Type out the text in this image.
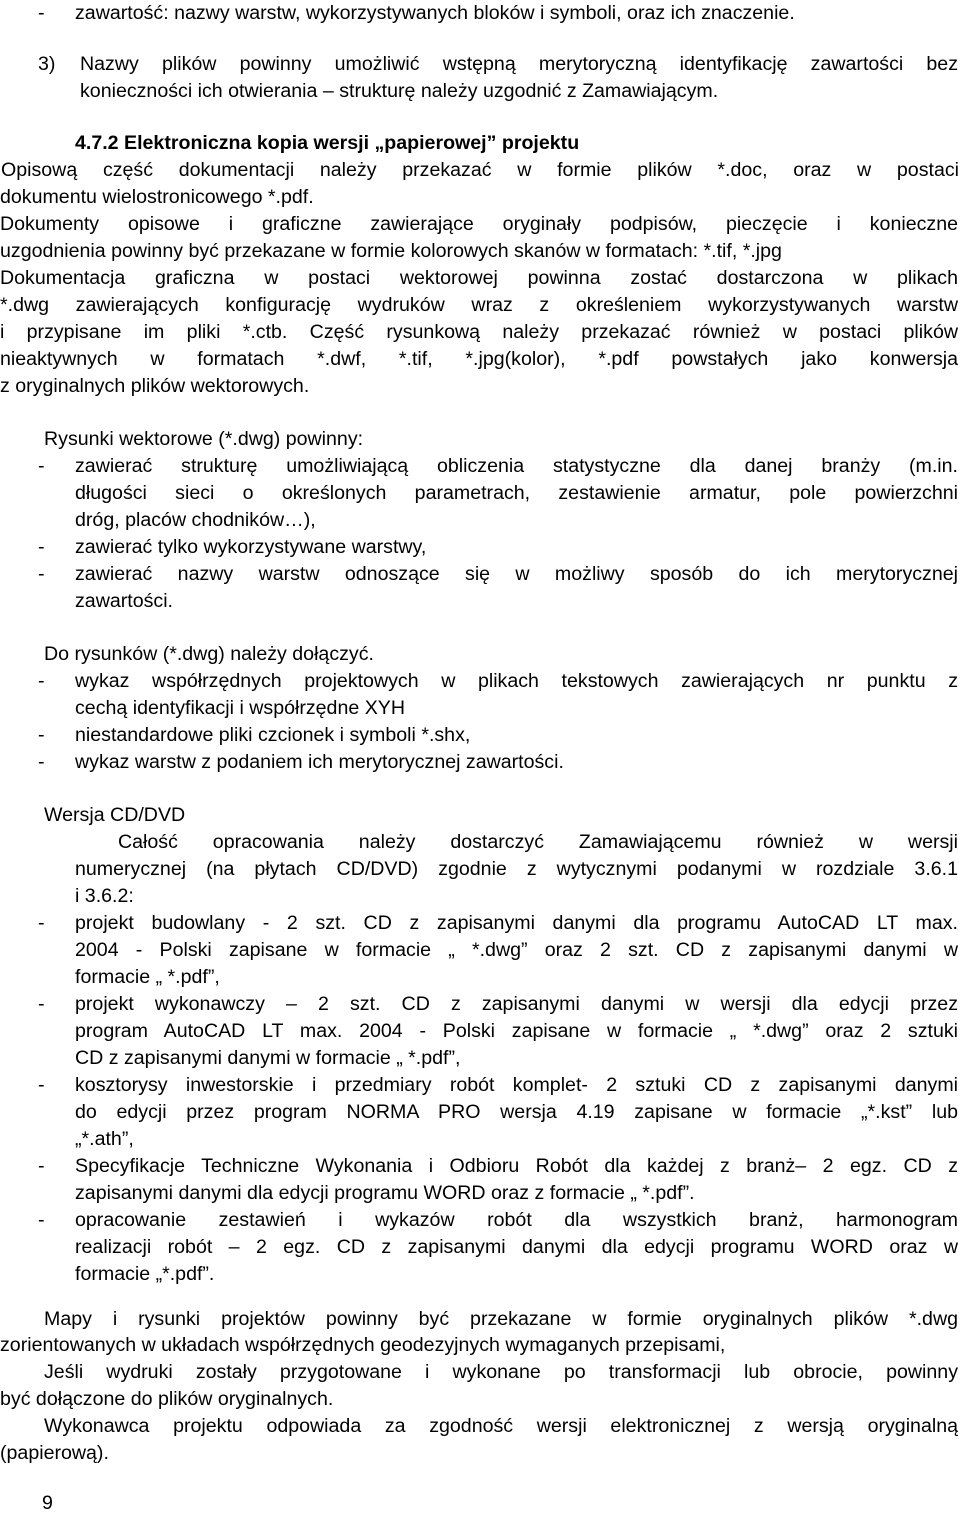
- zawartość: nazwy warstw, wykorzystywanych bloków i symboli, oraz ich znaczenie.
3) Nazwy plików powinny umożliwić wstępną merytoryczną identyfikację zawartości bez
konieczności ich otwierania – strukturę należy uzgodnić z Zamawiającym.
4.7.2 Elektroniczna kopia wersji „papierowej” projektu
Opisową część dokumentacji należy przekazać w formie plików *.doc, oraz w postaci
dokumentu wielostronicowego *.pdf.
Dokumenty opisowe i graficzne zawierające oryginały podpisów, pieczęcie i konieczne
uzgodnienia powinny być przekazane w formie kolorowych skanów w formatach: *.tif, *.jpg
Dokumentacja graficzna w postaci wektorowej powinna zostać dostarczona w plikach
*.dwg zawierających konfigurację wydruków wraz z określeniem wykorzystywanych warstw
i przypisane im pliki *.ctb. Część rysunkową należy przekazać również w postaci plików
nieaktywnych w formatach *.dwf, *.tif, *.jpg(kolor), *.pdf powstałych jako konwersja
z oryginalnych plików wektorowych.
Rysunki wektorowe (*.dwg) powinny:
- zawierać strukturę umożliwiającą obliczenia statystyczne dla danej branży (m.in.
długości sieci o określonych parametrach, zestawienie armatur, pole powierzchni
dróg, placów chodników…),
- zawierać tylko wykorzystywane warstwy,
- zawierać nazwy warstw odnoszące się w możliwy sposób do ich merytorycznej
zawartości.
Do rysunków (*.dwg) należy dołączyć.
- wykaz współrzędnych projektowych w plikach tekstowych zawierających nr punktu z
cechą identyfikacji i współrzędne XYH
- niestandardowe pliki czcionek i symboli *.shx,
- wykaz warstw z podaniem ich merytorycznej zawartości.
Wersja CD/DVD
Całość opracowania należy dostarczyć Zamawiającemu również w wersji
numerycznej (na płytach CD/DVD) zgodnie z wytycznymi podanymi w rozdziale 3.6.1
i 3.6.2:
- projekt budowlany - 2 szt. CD z zapisanymi danymi dla programu AutoCAD LT max.
2004 - Polski zapisane w formacie „ *.dwg” oraz 2 szt. CD z zapisanymi danymi w
formacie „ *.pdf”,
- projekt wykonawczy – 2 szt. CD z zapisanymi danymi w wersji dla edycji przez
program AutoCAD LT max. 2004 - Polski zapisane w formacie „ *.dwg” oraz 2 sztuki
CD z zapisanymi danymi w formacie „ *.pdf”,
- kosztorysy inwestorskie i przedmiary robót komplet- 2 sztuki CD z zapisanymi danymi
do edycji przez program NORMA PRO wersja 4.19 zapisane w formacie „*.kst” lub
„*.ath”,
- Specyfikacje Techniczne Wykonania i Odbioru Robót dla każdej z branż– 2 egz. CD z
zapisanymi danymi dla edycji programu WORD oraz z formacie „ *.pdf”.
- opracowanie zestawień i wykazów robót dla wszystkich branż, harmonogram
realizacji robót – 2 egz. CD z zapisanymi danymi dla edycji programu WORD oraz w
formacie „*.pdf”.
Mapy i rysunki projektów powinny być przekazane w formie oryginalnych plików *.dwg
zorientowanych w układach współrzędnych geodezyjnych wymaganych przepisami,
Jeśli wydruki zostały przygotowane i wykonane po transformacji lub obrocie, powinny
być dołączone do plików oryginalnych.
Wykonawca projektu odpowiada za zgodność wersji elektronicznej z wersją oryginalną
(papierową).
9
